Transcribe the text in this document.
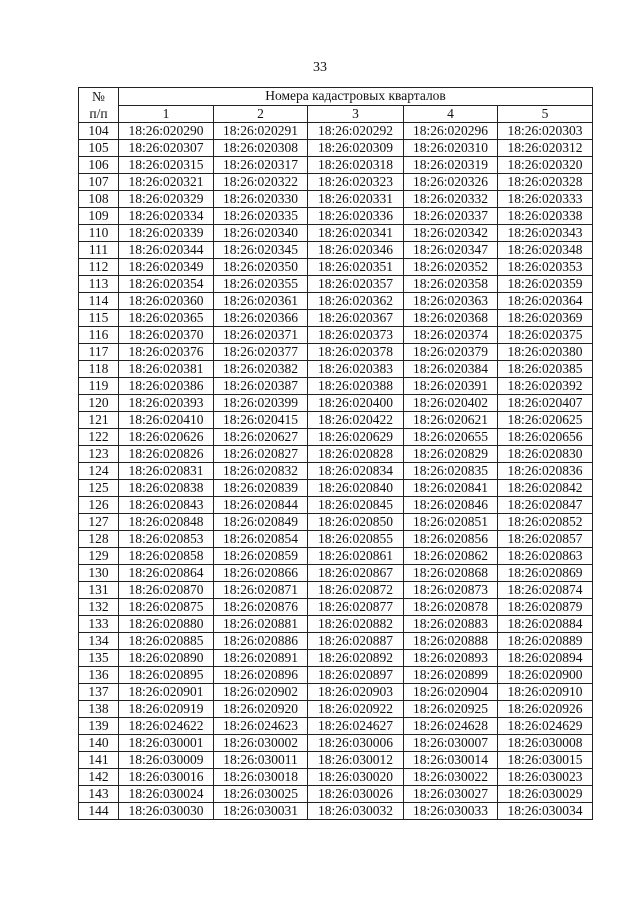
33
№
п/п	Номера кадастровых кварталов				
	1	2	3	4	5
104	18:26:020290	18:26:020291	18:26:020292	18:26:020296	18:26:020303
105	18:26:020307	18:26:020308	18:26:020309	18:26:020310	18:26:020312
106	18:26:020315	18:26:020317	18:26:020318	18:26:020319	18:26:020320
107	18:26:020321	18:26:020322	18:26:020323	18:26:020326	18:26:020328
108	18:26:020329	18:26:020330	18:26:020331	18:26:020332	18:26:020333
109	18:26:020334	18:26:020335	18:26:020336	18:26:020337	18:26:020338
110	18:26:020339	18:26:020340	18:26:020341	18:26:020342	18:26:020343
111	18:26:020344	18:26:020345	18:26:020346	18:26:020347	18:26:020348
112	18:26:020349	18:26:020350	18:26:020351	18:26:020352	18:26:020353
113	18:26:020354	18:26:020355	18:26:020357	18:26:020358	18:26:020359
114	18:26:020360	18:26:020361	18:26:020362	18:26:020363	18:26:020364
115	18:26:020365	18:26:020366	18:26:020367	18:26:020368	18:26:020369
116	18:26:020370	18:26:020371	18:26:020373	18:26:020374	18:26:020375
117	18:26:020376	18:26:020377	18:26:020378	18:26:020379	18:26:020380
118	18:26:020381	18:26:020382	18:26:020383	18:26:020384	18:26:020385
119	18:26:020386	18:26:020387	18:26:020388	18:26:020391	18:26:020392
120	18:26:020393	18:26:020399	18:26:020400	18:26:020402	18:26:020407
121	18:26:020410	18:26:020415	18:26:020422	18:26:020621	18:26:020625
122	18:26:020626	18:26:020627	18:26:020629	18:26:020655	18:26:020656
123	18:26:020826	18:26:020827	18:26:020828	18:26:020829	18:26:020830
124	18:26:020831	18:26:020832	18:26:020834	18:26:020835	18:26:020836
125	18:26:020838	18:26:020839	18:26:020840	18:26:020841	18:26:020842
126	18:26:020843	18:26:020844	18:26:020845	18:26:020846	18:26:020847
127	18:26:020848	18:26:020849	18:26:020850	18:26:020851	18:26:020852
128	18:26:020853	18:26:020854	18:26:020855	18:26:020856	18:26:020857
129	18:26:020858	18:26:020859	18:26:020861	18:26:020862	18:26:020863
130	18:26:020864	18:26:020866	18:26:020867	18:26:020868	18:26:020869
131	18:26:020870	18:26:020871	18:26:020872	18:26:020873	18:26:020874
132	18:26:020875	18:26:020876	18:26:020877	18:26:020878	18:26:020879
133	18:26:020880	18:26:020881	18:26:020882	18:26:020883	18:26:020884
134	18:26:020885	18:26:020886	18:26:020887	18:26:020888	18:26:020889
135	18:26:020890	18:26:020891	18:26:020892	18:26:020893	18:26:020894
136	18:26:020895	18:26:020896	18:26:020897	18:26:020899	18:26:020900
137	18:26:020901	18:26:020902	18:26:020903	18:26:020904	18:26:020910
138	18:26:020919	18:26:020920	18:26:020922	18:26:020925	18:26:020926
139	18:26:024622	18:26:024623	18:26:024627	18:26:024628	18:26:024629
140	18:26:030001	18:26:030002	18:26:030006	18:26:030007	18:26:030008
141	18:26:030009	18:26:030011	18:26:030012	18:26:030014	18:26:030015
142	18:26:030016	18:26:030018	18:26:030020	18:26:030022	18:26:030023
143	18:26:030024	18:26:030025	18:26:030026	18:26:030027	18:26:030029
144	18:26:030030	18:26:030031	18:26:030032	18:26:030033	18:26:030034
